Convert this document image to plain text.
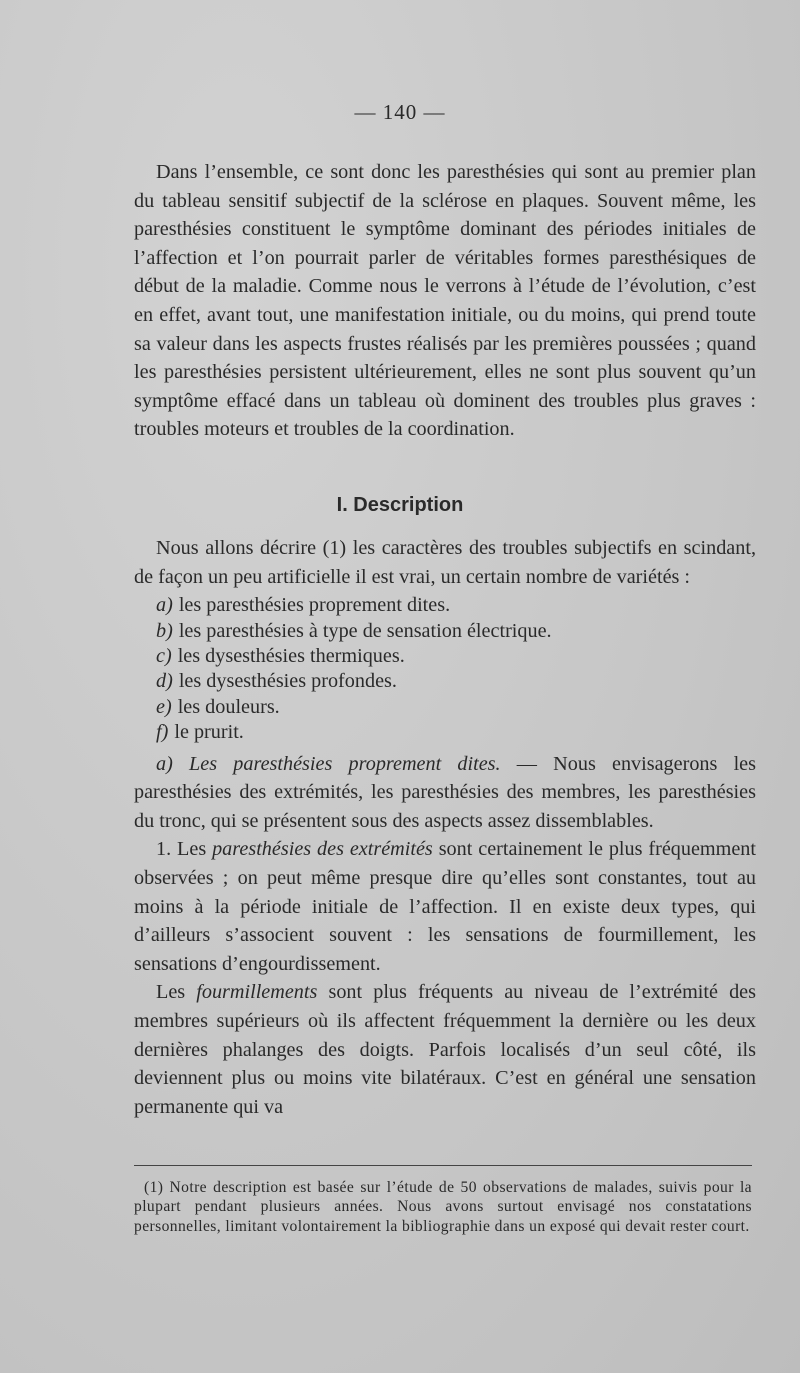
— 140 —

Dans l’ensemble, ce sont donc les paresthésies qui sont au premier plan du tableau sensitif subjectif de la sclérose en plaques. Souvent même, les paresthésies constituent le symptôme dominant des périodes initiales de l’affection et l’on pourrait parler de véritables formes paresthésiques de début de la maladie. Comme nous le verrons à l’étude de l’évolution, c’est en effet, avant tout, une manifestation initiale, ou du moins, qui prend toute sa valeur dans les aspects frustes réalisés par les premières poussées ; quand les paresthésies persistent ultérieurement, elles ne sont plus souvent qu’un symptôme effacé dans un tableau où dominent des troubles plus graves : troubles moteurs et troubles de la coordination.

I. Description

Nous allons décrire (1) les caractères des troubles subjectifs en scindant, de façon un peu artificielle il est vrai, un certain nombre de variétés :

a) les paresthésies proprement dites.
b) les paresthésies à type de sensation électrique.
c) les dysesthésies thermiques.
d) les dysesthésies profondes.
e) les douleurs.
f) le prurit.

a) Les paresthésies proprement dites. — Nous envisagerons les paresthésies des extrémités, les paresthésies des membres, les paresthésies du tronc, qui se présentent sous des aspects assez dissemblables.

1. Les paresthésies des extrémités sont certainement le plus fréquemment observées ; on peut même presque dire qu’elles sont constantes, tout au moins à la période initiale de l’affection. Il en existe deux types, qui d’ailleurs s’associent souvent : les sensations de fourmillement, les sensations d’engourdissement.

Les fourmillements sont plus fréquents au niveau de l’extrémité des membres supérieurs où ils affectent fréquemment la dernière ou les deux dernières phalanges des doigts. Parfois localisés d’un seul côté, ils deviennent plus ou moins vite bilatéraux. C’est en général une sensation permanente qui va

(1) Notre description est basée sur l’étude de 50 observations de malades, suivis pour la plupart pendant plusieurs années. Nous avons surtout envisagé nos constatations personnelles, limitant volontairement la bibliographie dans un exposé qui devait rester court.
